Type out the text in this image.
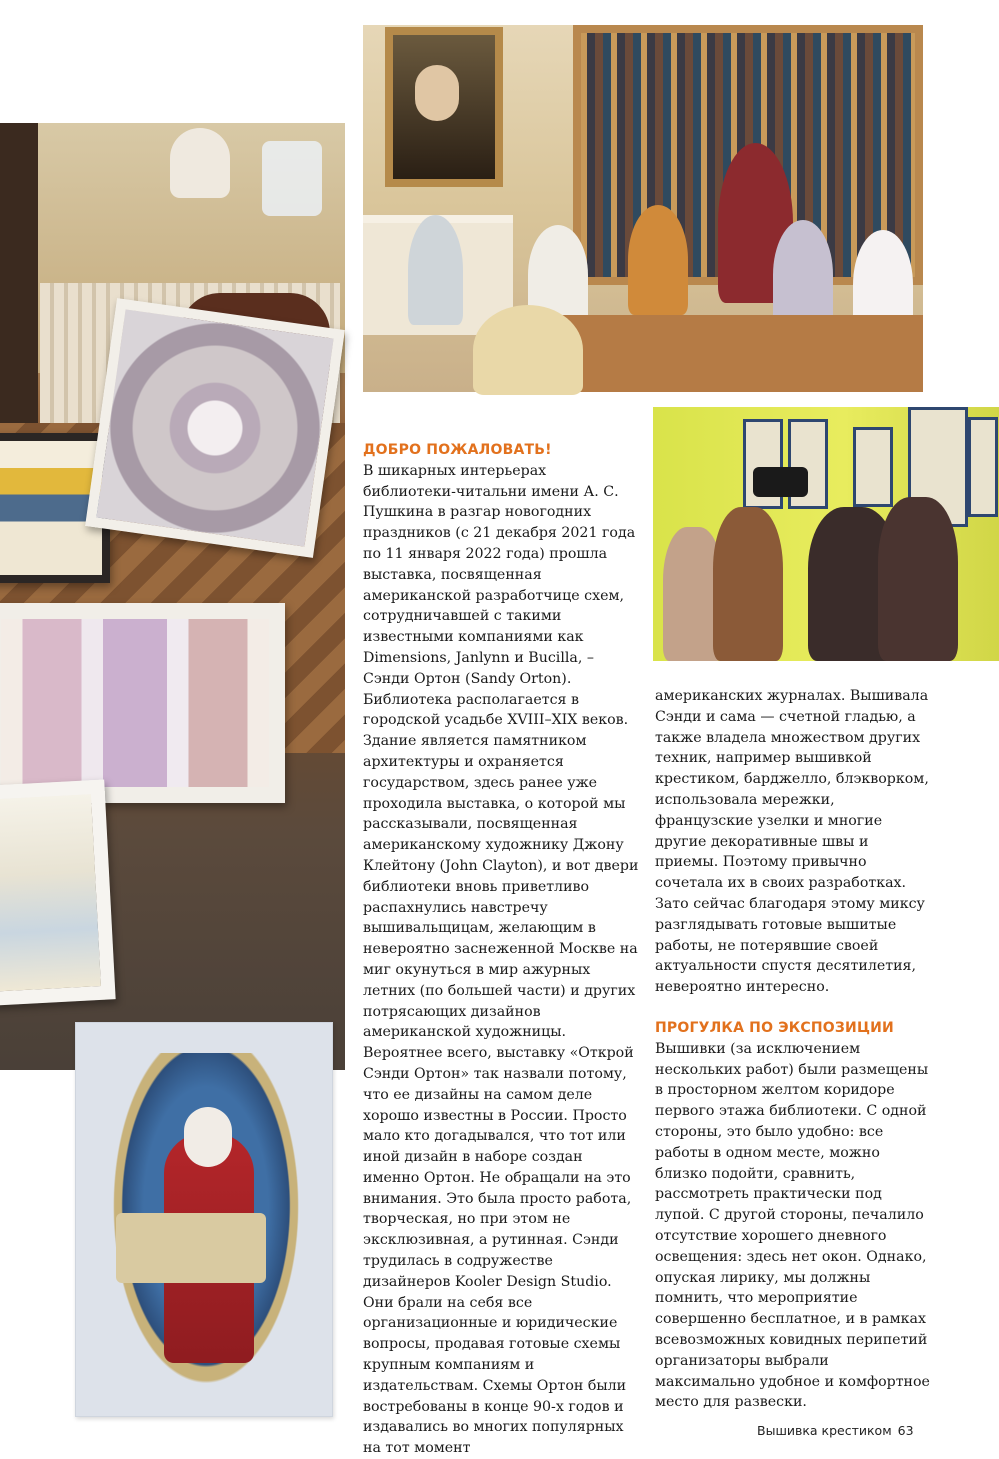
ДОБРО ПОЖАЛОВАТЬ!

В шикарных интерьерах библиотеки-читальни имени А. С. Пушкина в разгар новогодних праздников (с 21 декабря 2021 года по 11 января 2022 года) прошла выставка, посвященная американской разработчице схем, сотрудничавшей с такими известными компаниями как Dimensions, Janlynn и Bucilla, – Сэнди Ортон (Sandy Orton). Библиотека располагается в городской усадьбе XVIII–XIX веков. Здание является памятником архитектуры и охраняется государством, здесь ранее уже проходила выставка, о которой мы рассказывали, посвященная американскому художнику Джону Клейтону (John Clayton), и вот двери библиотеки вновь приветливо распахнулись навстречу вышивальщицам, желающим в невероятно заснеженной Москве на миг окунуться в мир ажурных летних (по большей части) и других потрясающих дизайнов американской художницы. Вероятнее всего, выставку «Открой Сэнди Ортон» так назвали потому, что ее дизайны на самом деле хорошо известны в России. Просто мало кто догадывался, что тот или иной дизайн в наборе создан именно Ортон. Не обращали на это внимания. Это была просто работа, творческая, но при этом не эксклюзивная, а рутинная. Сэнди трудилась в содружестве дизайнеров Kooler Design Studio. Они брали на себя все организационные и юридические вопросы, продавая готовые схемы крупным компаниям и издательствам. Схемы Ортон были востребованы в конце 90-х годов и издавались во многих популярных на тот момент

американских журналах. Вышивала Сэнди и сама — счетной гладью, а также владела множеством других техник, например вышивкой крестиком, барджелло, блэкворком, использовала мережки, французские узелки и многие другие декоративные швы и приемы. Поэтому привычно сочетала их в своих разработках. Зато сейчас благодаря этому миксу разглядывать готовые вышитые работы, не потерявшие своей актуальности спустя десятилетия, невероятно интересно.

ПРОГУЛКА ПО ЭКСПОЗИЦИИ

Вышивки (за исключением нескольких работ) были размещены в просторном желтом коридоре первого этажа библиотеки. С одной стороны, это было удобно: все работы в одном месте, можно близко подойти, сравнить, рассмотреть практически под лупой. С другой стороны, печалило отсутствие хорошего дневного освещения: здесь нет окон. Однако, опуская лирику, мы должны помнить, что мероприятие совершенно бесплатное, и в рамках всевозможных ковидных перипетий организаторы выбрали максимально удобное и комфортное место для развески.

Вышивка крестиком 63
